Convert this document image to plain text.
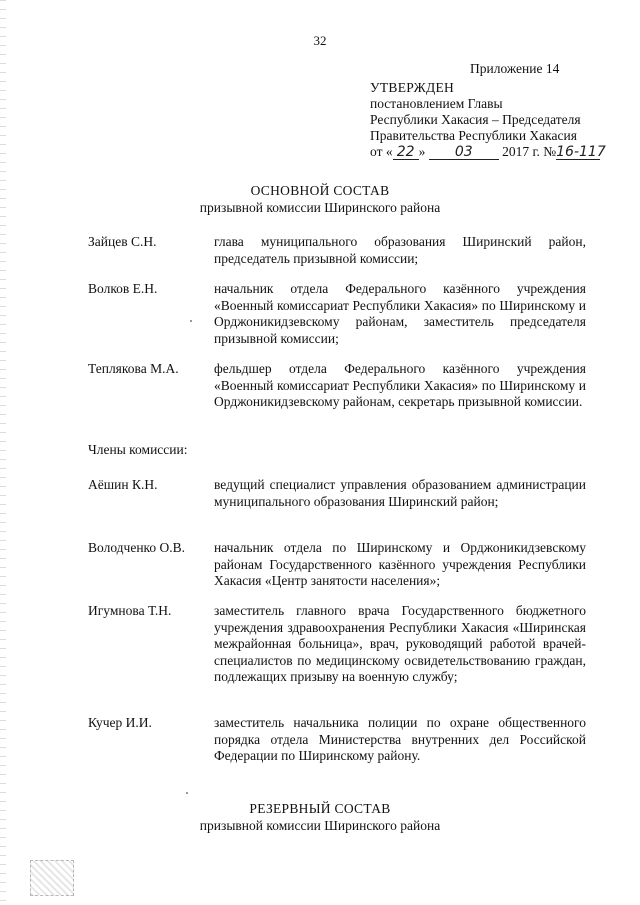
32
Приложение 14
УТВЕРЖДЕН
постановлением Главы
Республики Хакасия – Председателя
Правительства Республики Хакасия
от « 22 » 03 2017 г. №16-117
ОСНОВНОЙ СОСТАВ
призывной комиссии Ширинского района
Зайцев С.Н.	глава муниципального образования Ширинский район, председатель призывной комиссии;
Волков Е.Н.	начальник отдела Федерального казённого учреждения «Военный комиссариат Республики Хакасия» по Ширинскому и Орджоникидзевскому районам, заместитель председателя призывной комиссии;
Теплякова М.А.	фельдшер отдела Федерального казённого учреждения «Военный комиссариат Республики Хакасия» по Ширинскому и Орджоникидзевскому районам, секретарь призывной комиссии.
Члены комиссии:
Аёшин К.Н.	ведущий специалист управления образованием администрации муниципального образования Ширинский район;
Володченко О.В.	начальник отдела по Ширинскому и Орджоникидзевскому районам Государственного казённого учреждения Республики Хакасия «Центр занятости населения»;
Игумнова Т.Н.	заместитель главного врача Государственного бюджетного учреждения здравоохранения Республики Хакасия «Ширинская межрайонная больница», врач, руководящий работой врачей-специалистов по медицинскому освидетельствованию граждан, подлежащих призыву на военную службу;
Кучер И.И.	заместитель начальника полиции по охране общественного порядка отдела Министерства внутренних дел Российской Федерации по Ширинскому району.
РЕЗЕРВНЫЙ СОСТАВ
призывной комиссии Ширинского района
